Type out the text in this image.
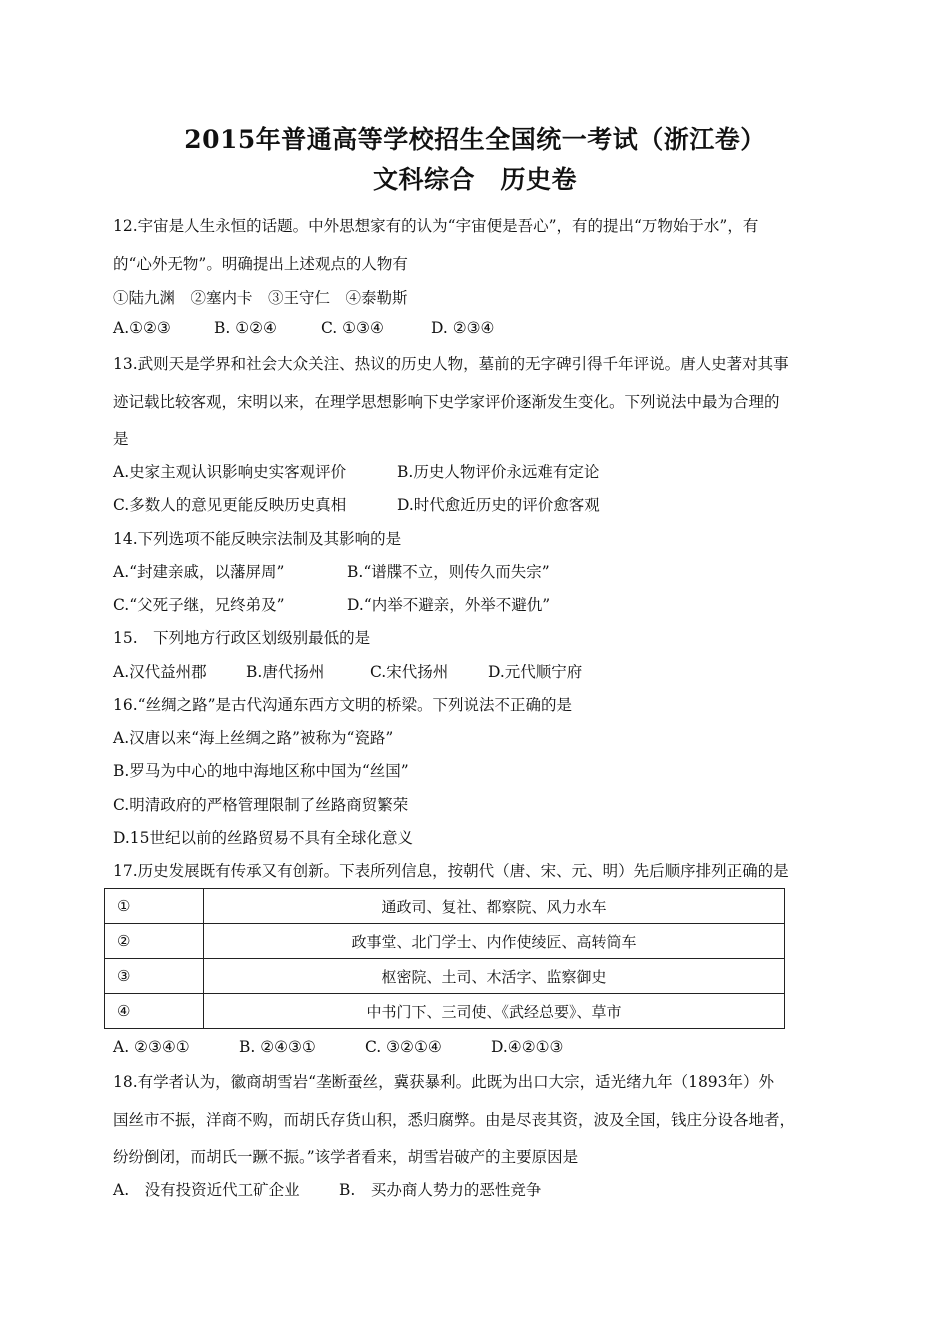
2015年普通高等学校招生全国统一考试（浙江卷）
文科综合　历史卷
12.宇宙是人生永恒的话题。中外思想家有的认为“宇宙便是吾心”，有的提出“万物始于水”，有
的“心外无物”。明确提出上述观点的人物有
①陆九渊　②塞内卡　③王守仁　④泰勒斯
A.①②③	B. ①②④	C. ①③④	D. ②③④
13.武则天是学界和社会大众关注、热议的历史人物，墓前的无字碑引得千年评说。唐人史著对其事
迹记载比较客观，宋明以来，在理学思想影响下史学家评价逐渐发生变化。下列说法中最为合理的
是
A.史家主观认识影响史实客观评价	B.历史人物评价永远难有定论
C.多数人的意见更能反映历史真相	D.时代愈近历史的评价愈客观
14.下列选项不能反映宗法制及其影响的是
A.“封建亲戚，以藩屏周”	B.“谱牒不立，则传久而失宗”
C.“父死子继，兄终弟及”	D.“内举不避亲，外举不避仇”
15.　下列地方行政区划级别最低的是
A.汉代益州郡	B.唐代扬州	C.宋代扬州	D.元代顺宁府
16.“丝绸之路”是古代沟通东西方文明的桥梁。下列说法不正确的是
A.汉唐以来“海上丝绸之路”被称为“瓷路”
B.罗马为中心的地中海地区称中国为“丝国”
C.明清政府的严格管理限制了丝路商贸繁荣
D.15世纪以前的丝路贸易不具有全球化意义
17.历史发展既有传承又有创新。下表所列信息，按朝代（唐、宋、元、明）先后顺序排列正确的是
①	通政司、复社、都察院、风力水车
②	政事堂、北门学士、内作使绫匠、高转筒车
③	枢密院、土司、木活字、监察御史
④	中书门下、三司使、《武经总要》、草市
A. ②③④①	B. ②④③①	C. ③②①④	D.④②①③
18.有学者认为，徽商胡雪岩“垄断蚕丝，冀获暴利。此既为出口大宗，适光绪九年（1893年）外
国丝市不振，洋商不购，而胡氏存货山积，悉归腐弊。由是尽丧其资，波及全国，钱庄分设各地者，
纷纷倒闭，而胡氏一蹶不振。”该学者看来，胡雪岩破产的主要原因是
A.　没有投资近代工矿企业	B.　买办商人势力的恶性竞争
